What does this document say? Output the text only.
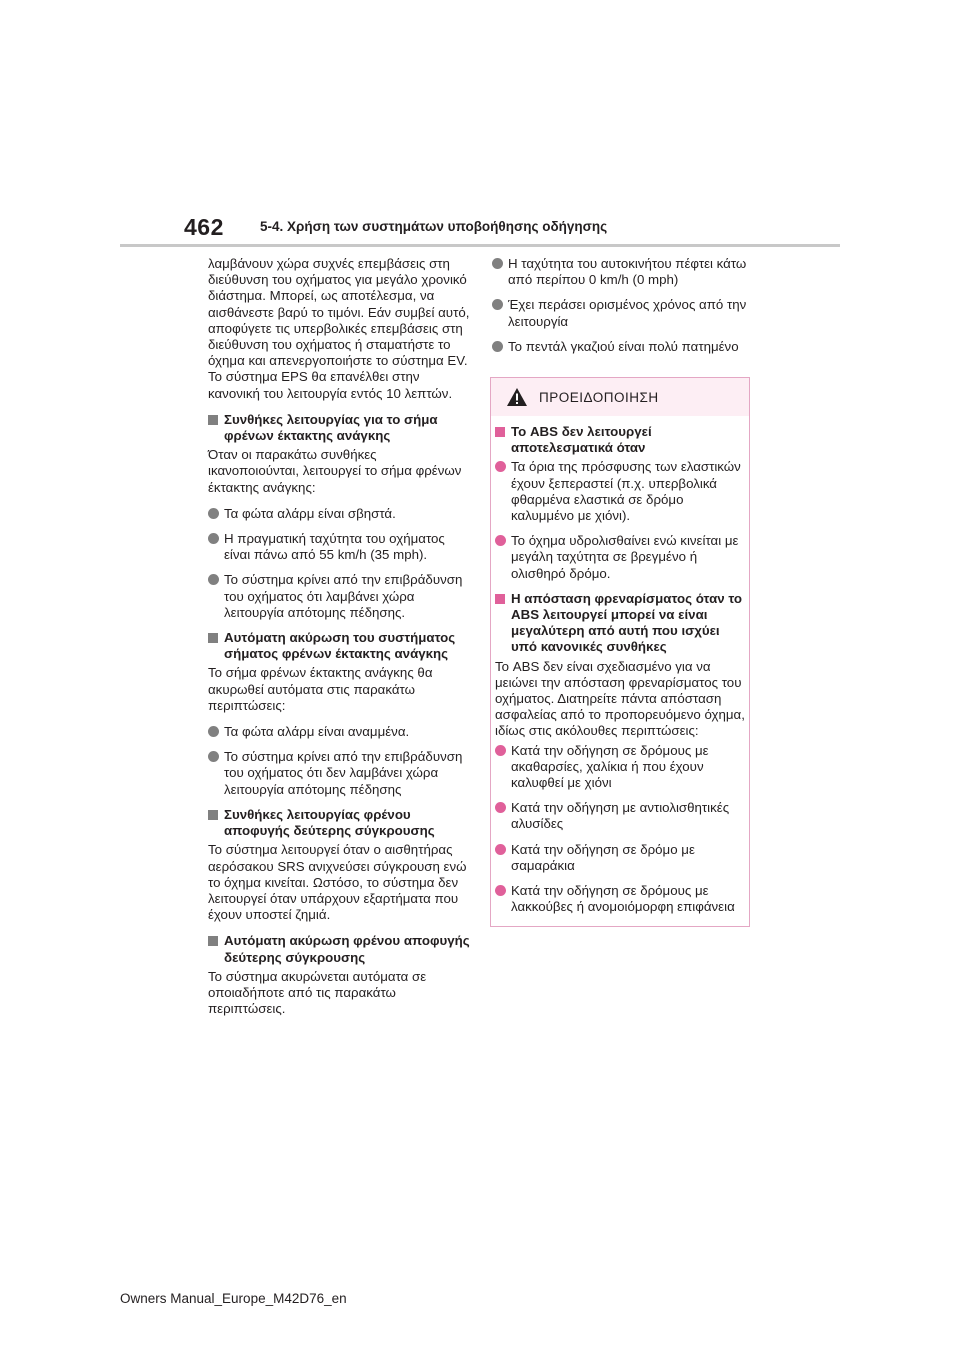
462	5-4. Χρήση των συστημάτων υποβοήθησης οδήγησης

λαμβάνουν χώρα συχνές επεμβάσεις στη διεύθυνση του οχήματος για μεγάλο χρονικό διάστημα. Μπορεί, ως αποτέλεσμα, να αισθάνεστε βαρύ το τιμόνι. Εάν συμβεί αυτό, αποφύγετε τις υπερβολικές επεμβάσεις στη διεύθυνση του οχήματος ή σταματήστε το όχημα και απενεργοποιήστε το σύστημα EV. Το σύστημα EPS θα επανέλθει στην κανονική του λειτουργία εντός 10 λεπτών.

Συνθήκες λειτουργίας για το σήμα φρένων έκτακτης ανάγκης

Όταν οι παρακάτω συνθήκες ικανοποιούνται, λειτουργεί το σήμα φρένων έκτακτης ανάγκης:

Τα φώτα αλάρμ είναι σβηστά.
Η πραγματική ταχύτητα του οχήματος είναι πάνω από 55 km/h (35 mph).
Το σύστημα κρίνει από την επιβράδυνση του οχήματος ότι λαμβάνει χώρα λειτουργία απότομης πέδησης.
Αυτόματη ακύρωση του συστήματος σήματος φρένων έκτακτης ανάγκης

Το σήμα φρένων έκτακτης ανάγκης θα ακυρωθεί αυτόματα στις παρακάτω περιπτώσεις:

Τα φώτα αλάρμ είναι αναμμένα.
Το σύστημα κρίνει από την επιβράδυνση του οχήματος ότι δεν λαμβάνει χώρα λειτουργία απότομης πέδησης
Συνθήκες λειτουργίας φρένου αποφυγής δεύτερης σύγκρουσης

Το σύστημα λειτουργεί όταν ο αισθητήρας αερόσακου SRS ανιχνεύσει σύγκρουση ενώ το όχημα κινείται. Ωστόσο, το σύστημα δεν λειτουργεί όταν υπάρχουν εξαρτήματα που έχουν υποστεί ζημιά.

Αυτόματη ακύρωση φρένου αποφυγής δεύτερης σύγκρουσης

Το σύστημα ακυρώνεται αυτόματα σε οποιαδήποτε από τις παρακάτω περιπτώσεις.

Η ταχύτητα του αυτοκινήτου πέφτει κάτω από περίπου 0 km/h (0 mph)
Έχει περάσει ορισμένος χρόνος από την λειτουργία
Το πεντάλ γκαζιού είναι πολύ πατημένο
ΠΡΟΕΙΔΟΠΟΙΗΣΗ
Το ABS δεν λειτουργεί αποτελεσματικά όταν
Τα όρια της πρόσφυσης των ελαστικών έχουν ξεπεραστεί (π.χ. υπερβολικά φθαρμένα ελαστικά σε δρόμο καλυμμένο με χιόνι).
Το όχημα υδρολισθαίνει ενώ κινείται με μεγάλη ταχύτητα σε βρεγμένο ή ολισθηρό δρόμο.
Η απόσταση φρεναρίσματος όταν το ABS λειτουργεί μπορεί να είναι μεγαλύτερη από αυτή που ισχύει υπό κανονικές συνθήκες

Το ABS δεν είναι σχεδιασμένο για να μειώνει την απόσταση φρεναρίσματος του οχήματος. Διατηρείτε πάντα απόσταση ασφαλείας από το προπορευόμενο όχημα, ιδίως στις ακόλουθες περιπτώσεις:

Κατά την οδήγηση σε δρόμους με ακαθαρσίες, χαλίκια ή που έχουν καλυφθεί με χιόνι
Κατά την οδήγηση με αντιολισθητικές αλυσίδες
Κατά την οδήγηση σε δρόμο με σαμαράκια
Κατά την οδήγηση σε δρόμους με λακκούβες ή ανομοιόμορφη επιφάνεια
Owners Manual_Europe_M42D76_en
